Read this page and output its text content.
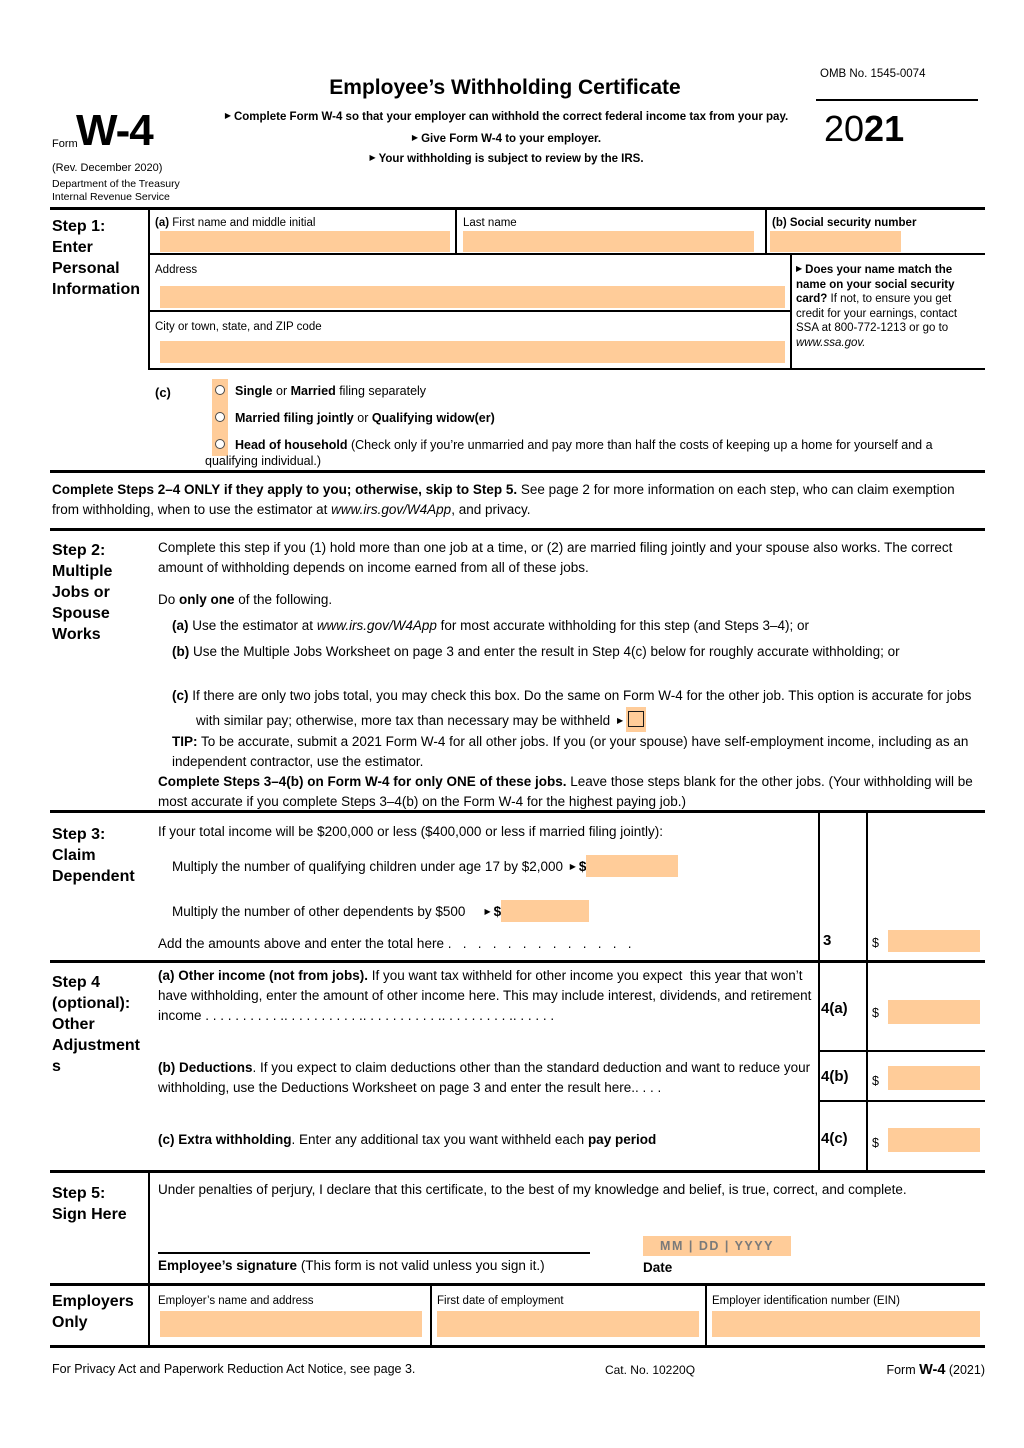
Form
W-4
(Rev. December 2020)
Department of the Treasury
Internal Revenue Service
Employee’s Withholding Certificate
▶ Complete Form W-4 so that your employer can withhold the correct federal income tax from your pay.
▶ Give Form W-4 to your employer.
▶ Your withholding is subject to review by the IRS.
OMB No. 1545-0074
2021
Step 1:
Enter
Personal
Information
(a) First name and middle initial	Last name	(b) Social security number
Address
City or town, state, and ZIP code
▶ Does your name match the name on your social security card? If not, to ensure you get credit for your earnings, contact SSA at 800-772-1213 or go to www.ssa.gov.
(c)	Single or Married filing separately
Married filing jointly or Qualifying widow(er)
Head of household (Check only if you’re unmarried and pay more than half the costs of keeping up a home for yourself and a qualifying individual.)
Complete Steps 2–4 ONLY if they apply to you; otherwise, skip to Step 5. See page 2 for more information on each step, who can claim exemption from withholding, when to use the estimator at www.irs.gov/W4App, and privacy.
Step 2:
Multiple
Jobs or
Spouse
Works
Complete this step if you (1) hold more than one job at a time, or (2) are married filing jointly and your spouse also works. The correct amount of withholding depends on income earned from all of these jobs.
Do only one of the following.
(a) Use the estimator at www.irs.gov/W4App for most accurate withholding for this step (and Steps 3–4); or
(b) Use the Multiple Jobs Worksheet on page 3 and enter the result in Step 4(c) below for roughly accurate withholding; or
(c) If there are only two jobs total, you may check this box. Do the same on Form W-4 for the other job. This option is accurate for jobs with similar pay; otherwise, more tax than necessary may be withheld ▶
TIP: To be accurate, submit a 2021 Form W-4 for all other jobs. If you (or your spouse) have self-employment income, including as an independent contractor, use the estimator.
Complete Steps 3–4(b) on Form W-4 for only ONE of these jobs. Leave those steps blank for the other jobs. (Your withholding will be most accurate if you complete Steps 3–4(b) on the Form W-4 for the highest paying job.)
Step 3:
Claim
Dependent
If your total income will be $200,000 or less ($400,000 or less if married filing jointly):
Multiply the number of qualifying children under age 17 by $2,000 ▶ $
Multiply the number of other dependents by $500 ▶ $
Add the amounts above and enter the total here .   .   .   .   .   .   .   .   .   .   .   .   .	3	$
Step 4
(optional):
Other
Adjustment
s
(a) Other income (not from jobs). If you want tax withheld for other income you expect  this year that won’t have withholding, enter the amount of other income here. This may include interest, dividends, and retirement
income . . . . . . . . . . .. . . . . . . . . . .. . . . . . . . . . .. . . . . . . . . .. . . . . .	4(a) $
(b) Deductions. If you expect to claim deductions other than the standard deduction and want to reduce your withholding, use the Deductions Worksheet on page 3 and enter the result here.. . . .
4(b) $
(c) Extra withholding. Enter any additional tax you want withheld each pay period	4(c) $
Step 5:
Sign Here
Under penalties of perjury, I declare that this certificate, to the best of my knowledge and belief, is true, correct, and complete.
Employee’s signature (This form is not valid unless you sign it.)
MM | DD | YYYY
Date
Employers
Only
Employer’s name and address	First date of employment	Employer identification number (EIN)
For Privacy Act and Paperwork Reduction Act Notice, see page 3.	Cat. No. 10220Q	Form W-4 (2021)
